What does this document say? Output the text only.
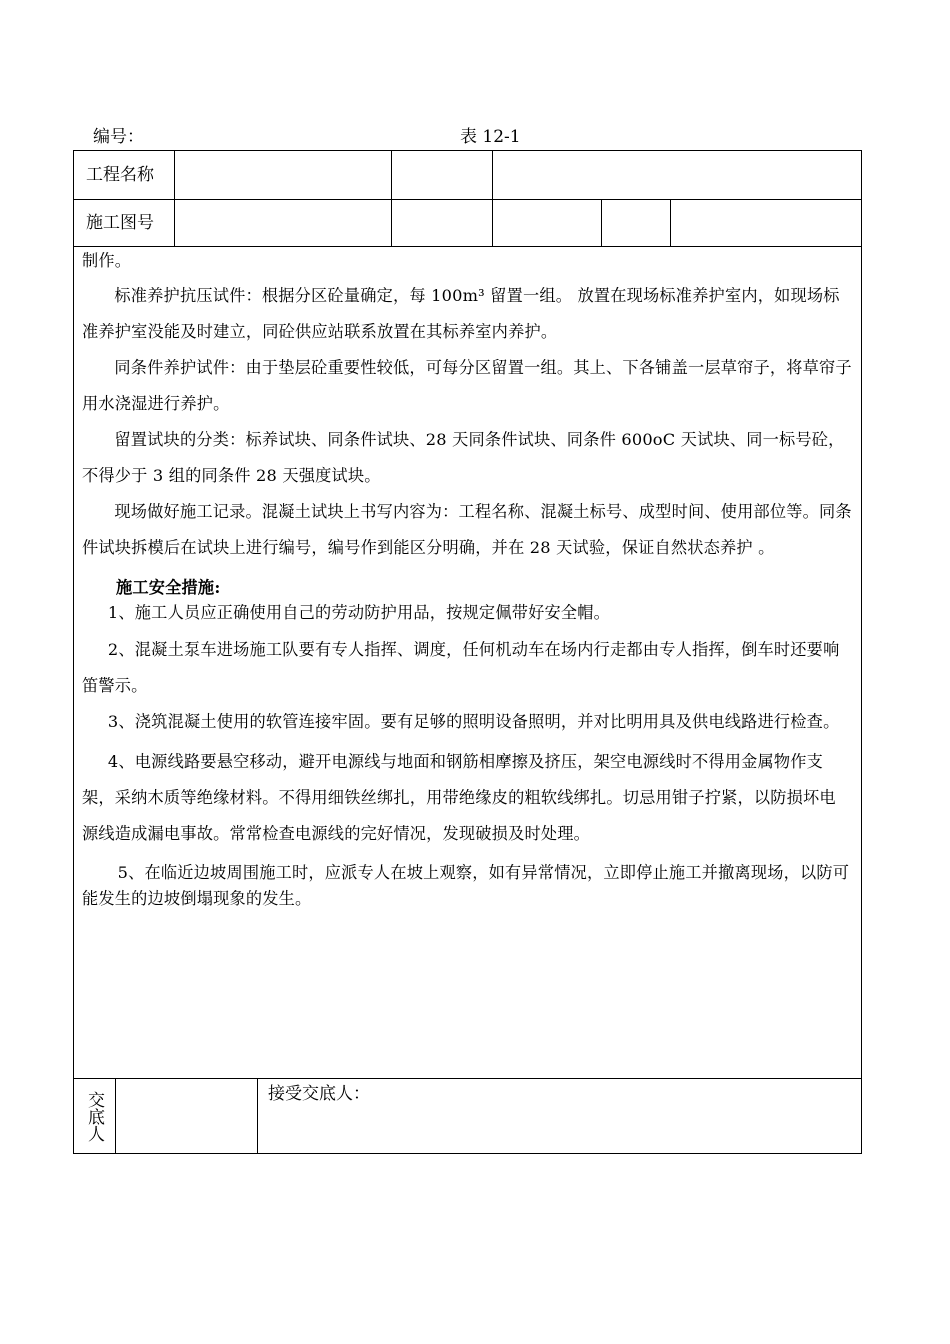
编号：	表 12-1
工程名称
施工图号

制作。

标准养护抗压试件：根据分区砼量确定，每 100m³ 留置一组。 放置在现场标准养护室内，如现场标准养护室没能及时建立，同砼供应站联系放置在其标养室内养护。

同条件养护试件：由于垫层砼重要性较低，可每分区留置一组。其上、下各铺盖一层草帘子，将草帘子用水浇湿进行养护。

留置试块的分类：标养试块、同条件试块、28 天同条件试块、同条件 600oC 天试块、同一标号砼，不得少于 3 组的同条件 28 天强度试块。

现场做好施工记录。混凝土试块上书写内容为：工程名称、混凝土标号、成型时间、使用部位等。同条件试块拆模后在试块上进行编号，编号作到能区分明确，并在 28 天试验，保证自然状态养护 。

施工安全措施:

1、施工人员应正确使用自己的劳动防护用品，按规定佩带好安全帽。

2、混凝土泵车进场施工队要有专人指挥、调度，任何机动车在场内行走都由专人指挥，倒车时还要响笛警示。

3、浇筑混凝土使用的软管连接牢固。要有足够的照明设备照明，并对比明用具及供电线路进行检查。

4、电源线路要悬空移动，避开电源线与地面和钢筋相摩擦及挤压，架空电源线时不得用金属物作支架，采纳木质等绝缘材料。不得用细铁丝绑扎，用带绝缘皮的粗软线绑扎。切忌用钳子拧紧，以防损坏电源线造成漏电事故。常常检查电源线的完好情况，发现破损及时处理。

5、在临近边坡周围施工时，应派专人在坡上观察，如有异常情况，立即停止施工并撤离现场，以防可能发生的边坡倒塌现象的发生。

交底人	接受交底人：
